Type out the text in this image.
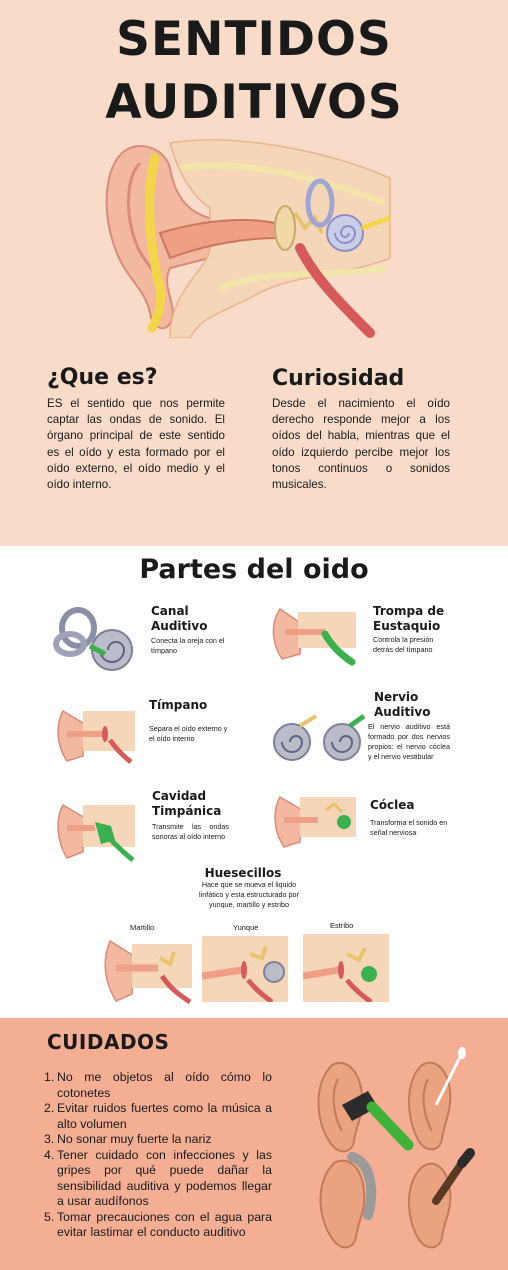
SENTIDOS
AUDITIVOS
¿Que es?

ES el sentido que nos permite captar las ondas de sonido. El órgano principal de este sentido es el oído y esta formado por el oído externo, el oído medio y el oído interno.

Curiosidad

Desde el nacimiento el oído derecho responde mejor a los oídos del habla, mientras que el oído izquierdo percibe mejor los tonos continuos o sonidos musicales.

Partes del oido

Canal Auditivo

Conecta la oreja con el tímpano

Trompa de Eustaquio

Controla la presión detrás del tímpano

Tímpano

Separa el oído externo y el oído interno

Nervio Auditivo

El nervio auditivo está formado por dos nervios propios: el nervio cóclea y el nervio vestibular

Cavidad Timpánica

Transmite las ondas sonoras al oído interno

Cóclea

Transforma el sonido en señal nerviosa

Huesecillos

Hace que se mueva el liquido linfático y esta estructurado por yunque, martillo y estribo

Martillo	Yunque	Estribo
CUIDADOS
1. No me objetos al oído cómo lo cotonetes
2. Evitar ruidos fuertes como la música a alto volumen
3. No sonar muy fuerte la nariz
4. Tener cuidado con infecciones y las gripes por qué puede dañar la sensibilidad auditiva y podemos llegar a usar audífonos
5. Tomar precauciones con el agua para evitar lastimar el conducto auditivo
